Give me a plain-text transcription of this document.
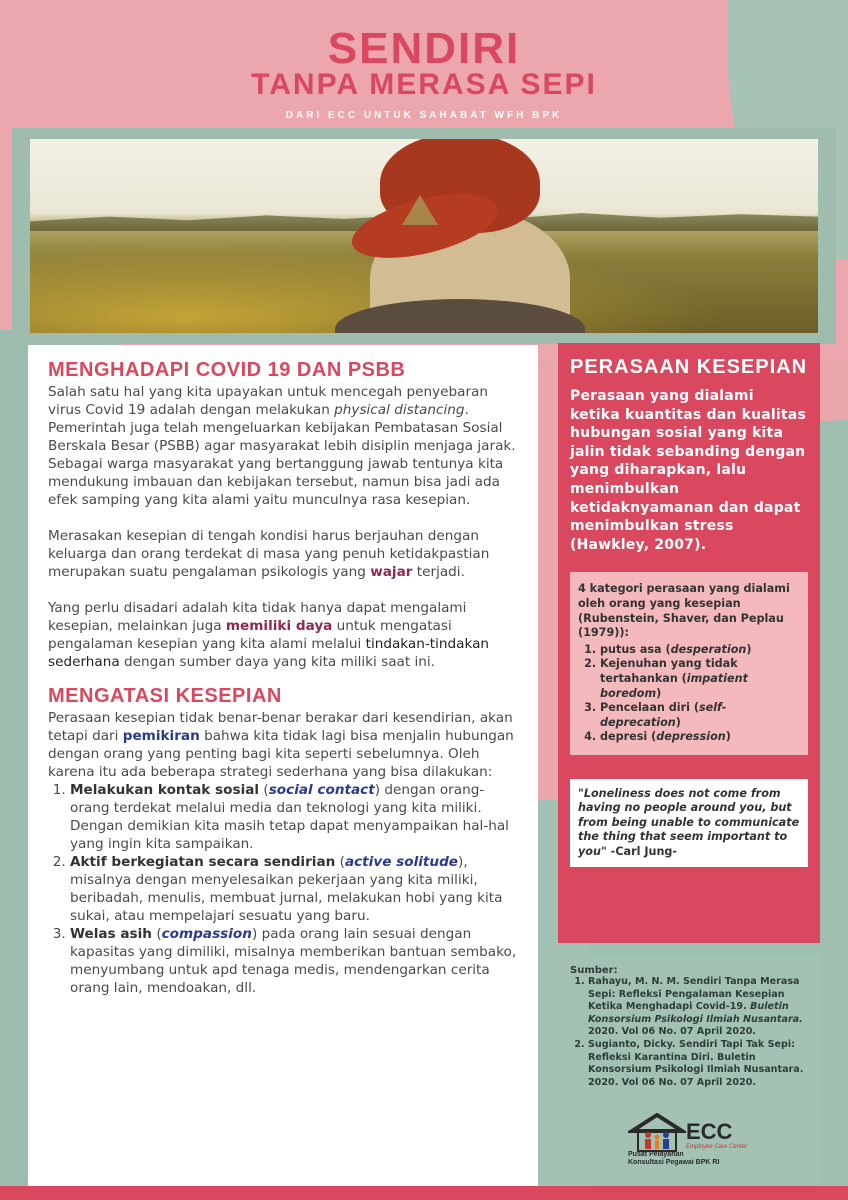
SENDIRI
TANPA MERASA SEPI
DARI ECC UNTUK SAHABAT WFH BPK
MENGHADAPI COVID 19 DAN PSBB

Salah satu hal yang kita upayakan untuk mencegah penyebaran virus Covid 19 adalah dengan melakukan physical distancing. Pemerintah juga telah mengeluarkan kebijakan Pembatasan Sosial Berskala Besar (PSBB) agar masyarakat lebih disiplin menjaga jarak. Sebagai warga masyarakat yang bertanggung jawab tentunya kita mendukung imbauan dan kebijakan tersebut, namun bisa jadi ada efek samping yang kita alami yaitu munculnya rasa kesepian.

Merasakan kesepian di tengah kondisi harus berjauhan dengan keluarga dan orang terdekat di masa yang penuh ketidakpastian merupakan suatu pengalaman psikologis yang wajar terjadi.

Yang perlu disadari adalah kita tidak hanya dapat mengalami kesepian, melainkan juga memiliki daya untuk mengatasi pengalaman kesepian yang kita alami melalui tindakan-tindakan sederhana dengan sumber daya yang kita miliki saat ini.

MENGATASI KESEPIAN

Perasaan kesepian tidak benar-benar berakar dari kesendirian, akan tetapi dari pemikiran bahwa kita tidak lagi bisa menjalin hubungan dengan orang yang penting bagi kita seperti sebelumnya. Oleh karena itu ada beberapa strategi sederhana yang bisa dilakukan:

1. Melakukan kontak sosial (social contact) dengan orang-orang terdekat melalui media dan teknologi yang kita miliki. Dengan demikian kita masih tetap dapat menyampaikan hal-hal yang ingin kita sampaikan.
2. Aktif berkegiatan secara sendirian (active solitude), misalnya dengan menyelesaikan pekerjaan yang kita miliki, beribadah, menulis, membuat jurnal, melakukan hobi yang kita sukai, atau mempelajari sesuatu yang baru.
3. Welas asih (compassion) pada orang lain sesuai dengan kapasitas yang dimiliki, misalnya memberikan bantuan sembako, menyumbang untuk apd tenaga medis, mendengarkan cerita orang lain, mendoakan, dll.
PERASAAN KESEPIAN
Perasaan yang dialami ketika kuantitas dan kualitas hubungan sosial yang kita jalin tidak sebanding dengan yang diharapkan, lalu menimbulkan ketidaknyamanan dan dapat menimbulkan stress (Hawkley, 2007).
4 kategori perasaan yang dialami oleh orang yang kesepian (Rubenstein, Shaver, dan Peplau (1979)):
1. putus asa (desperation)
2. Kejenuhan yang tidak tertahankan (impatient boredom)
3. Pencelaan diri (self-deprecation)
4. depresi (depression)
"Loneliness does not come from having no people around you, but from being unable to communicate the thing that seem important to you" -Carl Jung-
Sumber:
1. Rahayu, M. N. M. Sendiri Tanpa Merasa Sepi: Refleksi Pengalaman Kesepian Ketika Menghadapi Covid-19. Buletin Konsorsium Psikologi Ilmiah Nusantara. 2020. Vol 06 No. 07 April 2020.
2. Sugianto, Dicky. Sendiri Tapi Tak Sepi: Refleksi Karantina Diri. Buletin Konsorsium Psikologi Ilmiah Nusantara. 2020. Vol 06 No. 07 April 2020.
ECC
Employee Care Center
Pusat Pelayanan
Konsultasi Pegawai BPK RI
